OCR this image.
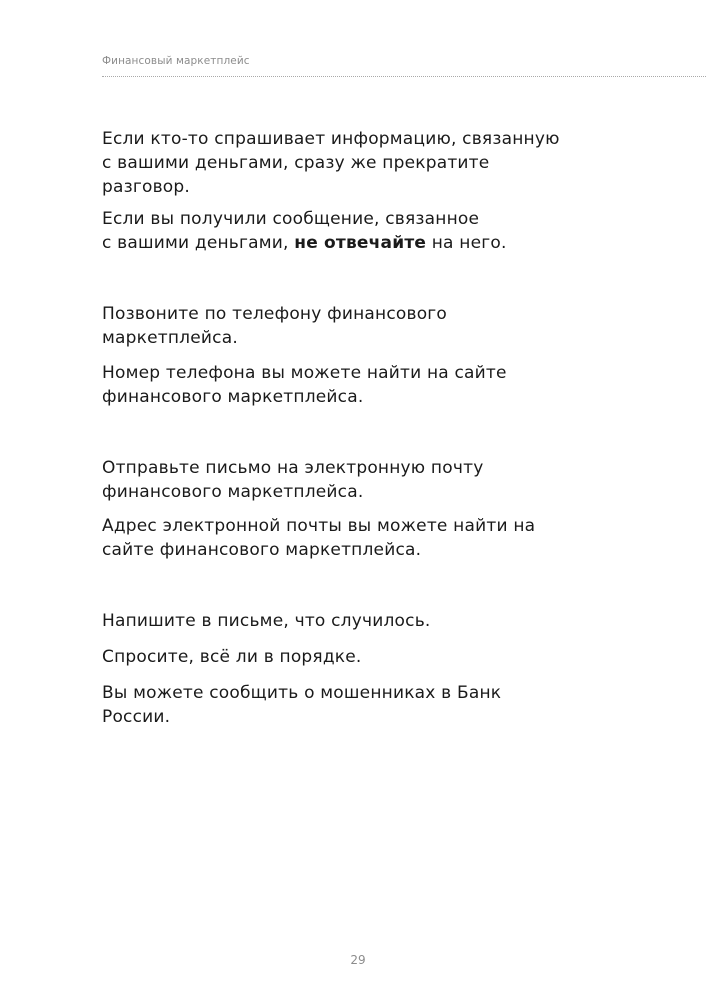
Финансовый маркетплейс
Если кто-то спрашивает информацию, связанную
с вашими деньгами, сразу же прекратите
разговор.
Если вы получили сообщение, связанное
с вашими деньгами, не отвечайте на него.
Позвоните по телефону финансового
маркетплейса.
Номер телефона вы можете найти на сайте
финансового маркетплейса.
Отправьте письмо на электронную почту
финансового маркетплейса.
Адрес электронной почты вы можете найти на
сайте финансового маркетплейса.
Напишите в письме, что случилось.
Спросите, всё ли в порядке.
Вы можете сообщить о мошенниках в Банк
России.
29
